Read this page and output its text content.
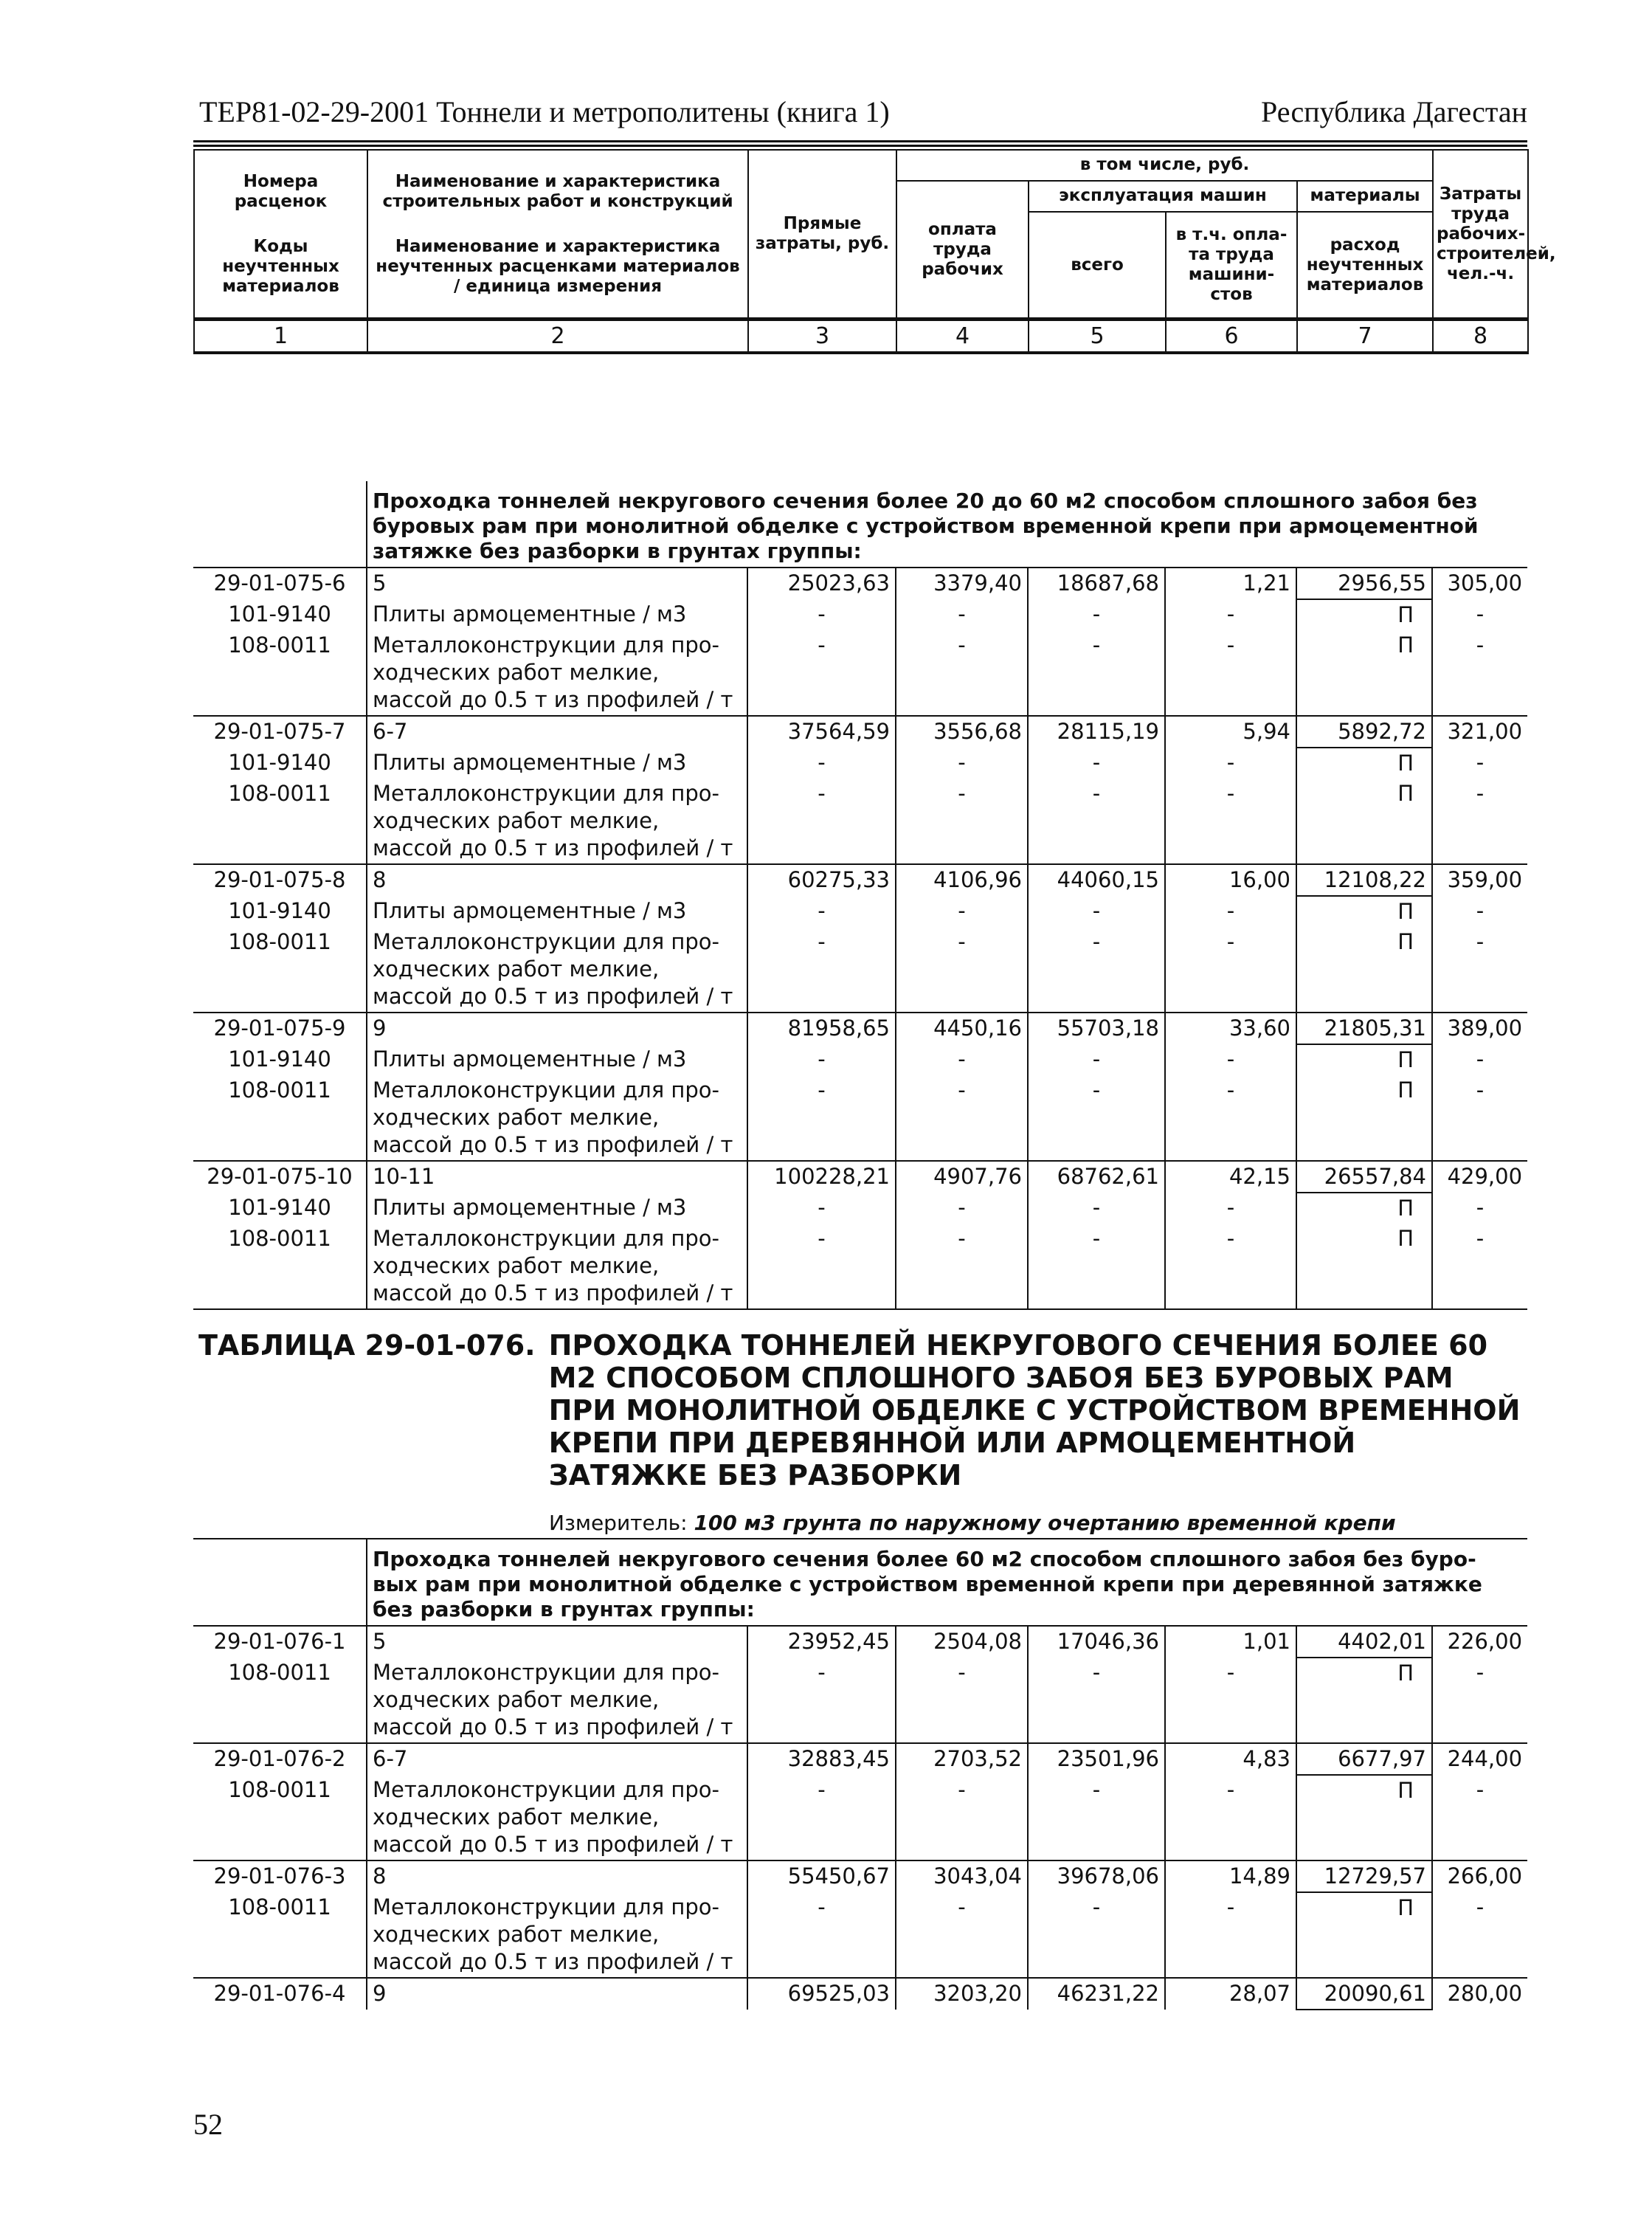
ТЕР81-02-29-2001 Тоннели и метрополитены (книга 1)	Республика Дагестан
Номера расценок
Коды неучтенных материалов	Наименование и характеристика строительных работ и конструкций
Наименование и характеристика неучтенных расценками материалов / единица измерения	Прямые затраты, руб.	в том числе, руб.				Затраты труда рабочих- строителей, чел.-ч.
			оплата труда рабочих	эксплуатация машин		материалы	
				всего	в т.ч. опла- та труда машини- стов	расход неучтенных материалов	
1	2	3	4	5	6	7	8
	Проходка тоннелей некругового сечения более 20 до 60 м2 способом сплошного забоя без буровых рам при монолитной обделке с устройством временной крепи при армоцементной затяжке без разборки в грунтах группы:						
29-01-075-6	5	25023,63	3379,40	18687,68	1,21	2956,55	305,00
101-9140	Плиты армоцементные / м3	-	-	-	-	П	-
108-0011	Металлоконструкции для про- ходческих работ мелкие, массой до 0.5 т из профилей / т	-	-	-	-	П	-
29-01-075-7	6-7	37564,59	3556,68	28115,19	5,94	5892,72	321,00
101-9140	Плиты армоцементные / м3	-	-	-	-	П	-
108-0011	Металлоконструкции для про- ходческих работ мелкие, массой до 0.5 т из профилей / т	-	-	-	-	П	-
29-01-075-8	8	60275,33	4106,96	44060,15	16,00	12108,22	359,00
101-9140	Плиты армоцементные / м3	-	-	-	-	П	-
108-0011	Металлоконструкции для про- ходческих работ мелкие, массой до 0.5 т из профилей / т	-	-	-	-	П	-
29-01-075-9	9	81958,65	4450,16	55703,18	33,60	21805,31	389,00
101-9140	Плиты армоцементные / м3	-	-	-	-	П	-
108-0011	Металлоконструкции для про- ходческих работ мелкие, массой до 0.5 т из профилей / т	-	-	-	-	П	-
29-01-075-10	10-11	100228,21	4907,76	68762,61	42,15	26557,84	429,00
101-9140	Плиты армоцементные / м3	-	-	-	-	П	-
108-0011	Металлоконструкции для про- ходческих работ мелкие, массой до 0.5 т из профилей / т	-	-	-	-	П	-

ТАБЛИЦА 29-01-076. ПРОХОДКА ТОННЕЛЕЙ НЕКРУГОВОГО СЕЧЕНИЯ БОЛЕЕ 60 М2 СПОСОБОМ СПЛОШНОГО ЗАБОЯ БЕЗ БУРОВЫХ РАМ ПРИ МОНОЛИТНОЙ ОБДЕЛКЕ С УСТРОЙСТВОМ ВРЕМЕННОЙ КРЕПИ ПРИ ДЕРЕВЯННОЙ ИЛИ АРМОЦЕМЕНТНОЙ ЗАТЯЖКЕ БЕЗ РАЗБОРКИ
Измеритель: 100 м3 грунта по наружному очертанию временной крепи							

	Проходка тоннелей некругового сечения более 60 м2 способом сплошного забоя без буро- вых рам при монолитной обделке с устройством временной крепи при деревянной затяжке без разборки в грунтах группы:						
29-01-076-1	5	23952,45	2504,08	17046,36	1,01	4402,01	226,00
108-0011	Металлоконструкции для про- ходческих работ мелкие, массой до 0.5 т из профилей / т	-	-	-	-	П	-
29-01-076-2	6-7	32883,45	2703,52	23501,96	4,83	6677,97	244,00
108-0011	Металлоконструкции для про- ходческих работ мелкие, массой до 0.5 т из профилей / т	-	-	-	-	П	-
29-01-076-3	8	55450,67	3043,04	39678,06	14,89	12729,57	266,00
108-0011	Металлоконструкции для про- ходческих работ мелкие, массой до 0.5 т из профилей / т	-	-	-	-	П	-
29-01-076-4	9	69525,03	3203,20	46231,22	28,07	20090,61	280,00
52
